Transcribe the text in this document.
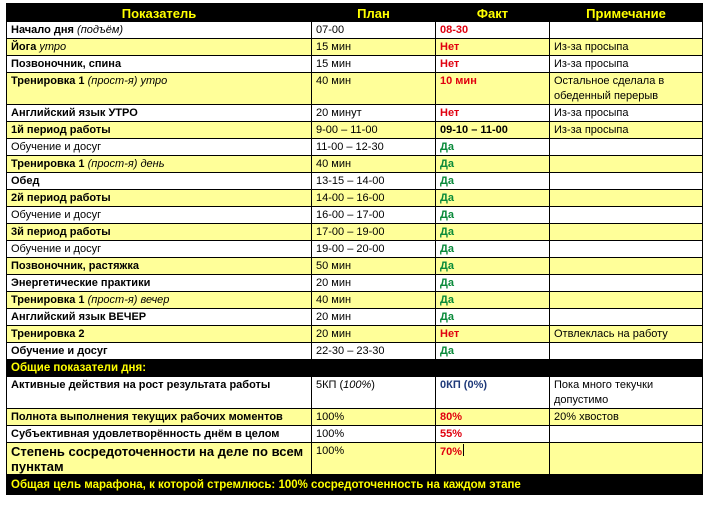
Показатель	План	Факт	Примечание
Начало дня (подъём)	07-00	08-30	
Йога утро	15 мин	Нет	Из-за просыпа
Позвоночник, спина	15 мин	Нет	Из-за просыпа
Тренировка 1 (прост-я) утро	40 мин	10 мин	Остальное сделала в обеденный перерыв
Английский язык УТРО	20 минут	Нет	Из-за просыпа
1й период работы	9-00 – 11-00	09-10 – 11-00	Из-за просыпа
Обучение и досуг	11-00 – 12-30	Да	
Тренировка 1 (прост-я) день	40 мин	Да	
Обед	13-15 – 14-00	Да	
2й период работы	14-00 – 16-00	Да	
Обучение и досуг	16-00 – 17-00	Да	
3й период работы	17-00 – 19-00	Да	
Обучение и досуг	19-00 – 20-00	Да	
Позвоночник, растяжка	50 мин	Да	
Энергетические практики	20 мин	Да	
Тренировка 1 (прост-я) вечер	40 мин	Да	
Английский язык ВЕЧЕР	20 мин	Да	
Тренировка 2	20 мин	Нет	Отвлеклась на работу
Обучение и досуг	22-30 – 23-30	Да	
Общие показатели дня:			
Активные действия на рост результата работы	5КП (100%)	0КП (0%)	Пока много текучки допустимо
Полнота выполнения текущих рабочих моментов	100%	80%	20% хвостов
Субъективная удовлетворённость днём в целом	100%	55%	
Степень сосредоточенности на деле по всем пунктам	100%	70%	
Общая цель марафона, к которой стремлюсь: 100% сосредоточенность на каждом этапе			
